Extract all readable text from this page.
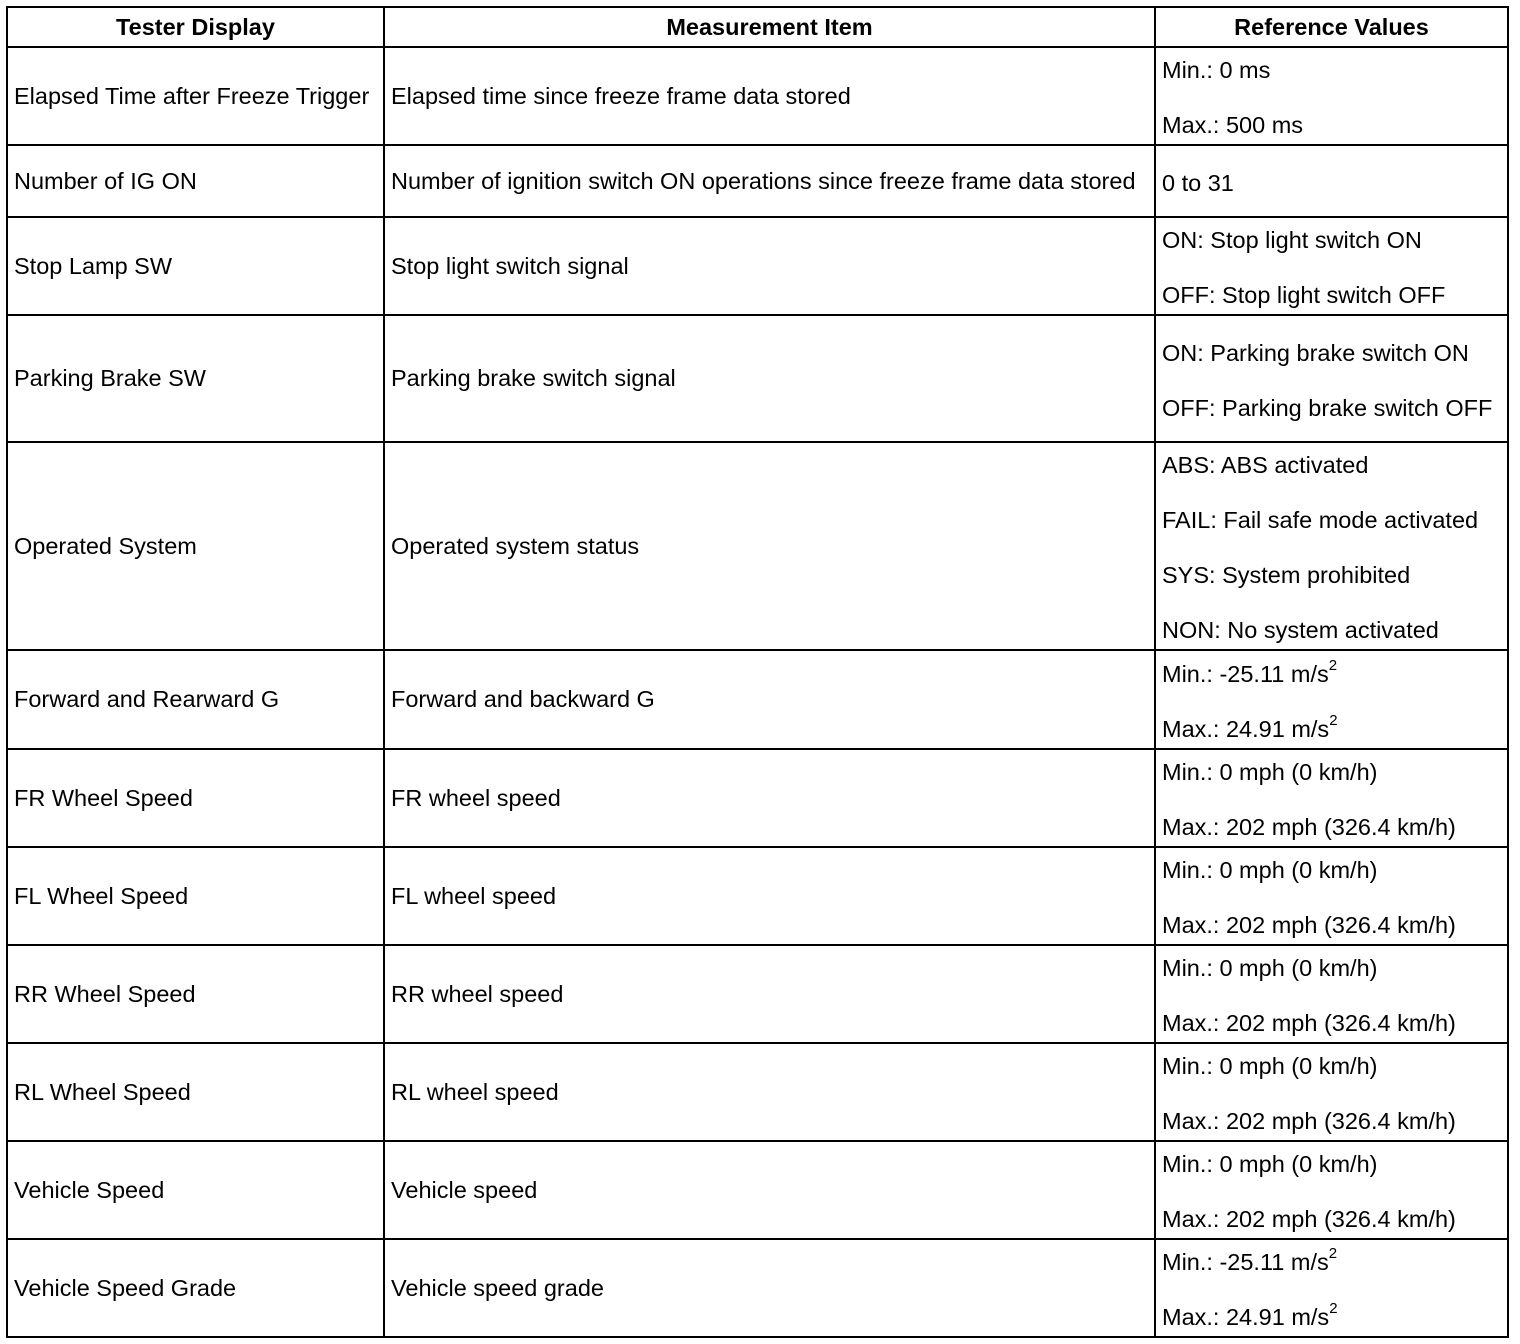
Tester Display	Measurement Item	Reference Values
Elapsed Time after Freeze Trigger	Elapsed time since freeze frame data stored	Min.: 0 ms
Max.: 500 ms

Number of IG ON	Number of ignition switch ON operations since freeze frame data stored	0 to 31

Stop Lamp SW	Stop light switch signal	ON: Stop light switch ON
OFF: Stop light switch OFF

Parking Brake SW	Parking brake switch signal	ON: Parking brake switch ON
OFF: Parking brake switch OFF

Operated System	Operated system status	ABS: ABS activated
FAIL: Fail safe mode activated
SYS: System prohibited
NON: No system activated

Forward and Rearward G	Forward and backward G	Min.: -25.11 $m/s^2$
Max.: 24.91 $m/s^2$

FR Wheel Speed	FR wheel speed	Min.: 0 mph (0 km/h)
Max.: 202 mph (326.4 km/h)

FL Wheel Speed	FL wheel speed	Min.: 0 mph (0 km/h)
Max.: 202 mph (326.4 km/h)

RR Wheel Speed	RR wheel speed	Min.: 0 mph (0 km/h)
Max.: 202 mph (326.4 km/h)

RL Wheel Speed	RL wheel speed	Min.: 0 mph (0 km/h)
Max.: 202 mph (326.4 km/h)

Vehicle Speed	Vehicle speed	Min.: 0 mph (0 km/h)
Max.: 202 mph (326.4 km/h)

Vehicle Speed Grade	Vehicle speed grade	Min.: -25.11 $m/s^2$
Max.: 24.91 $m/s^2$
